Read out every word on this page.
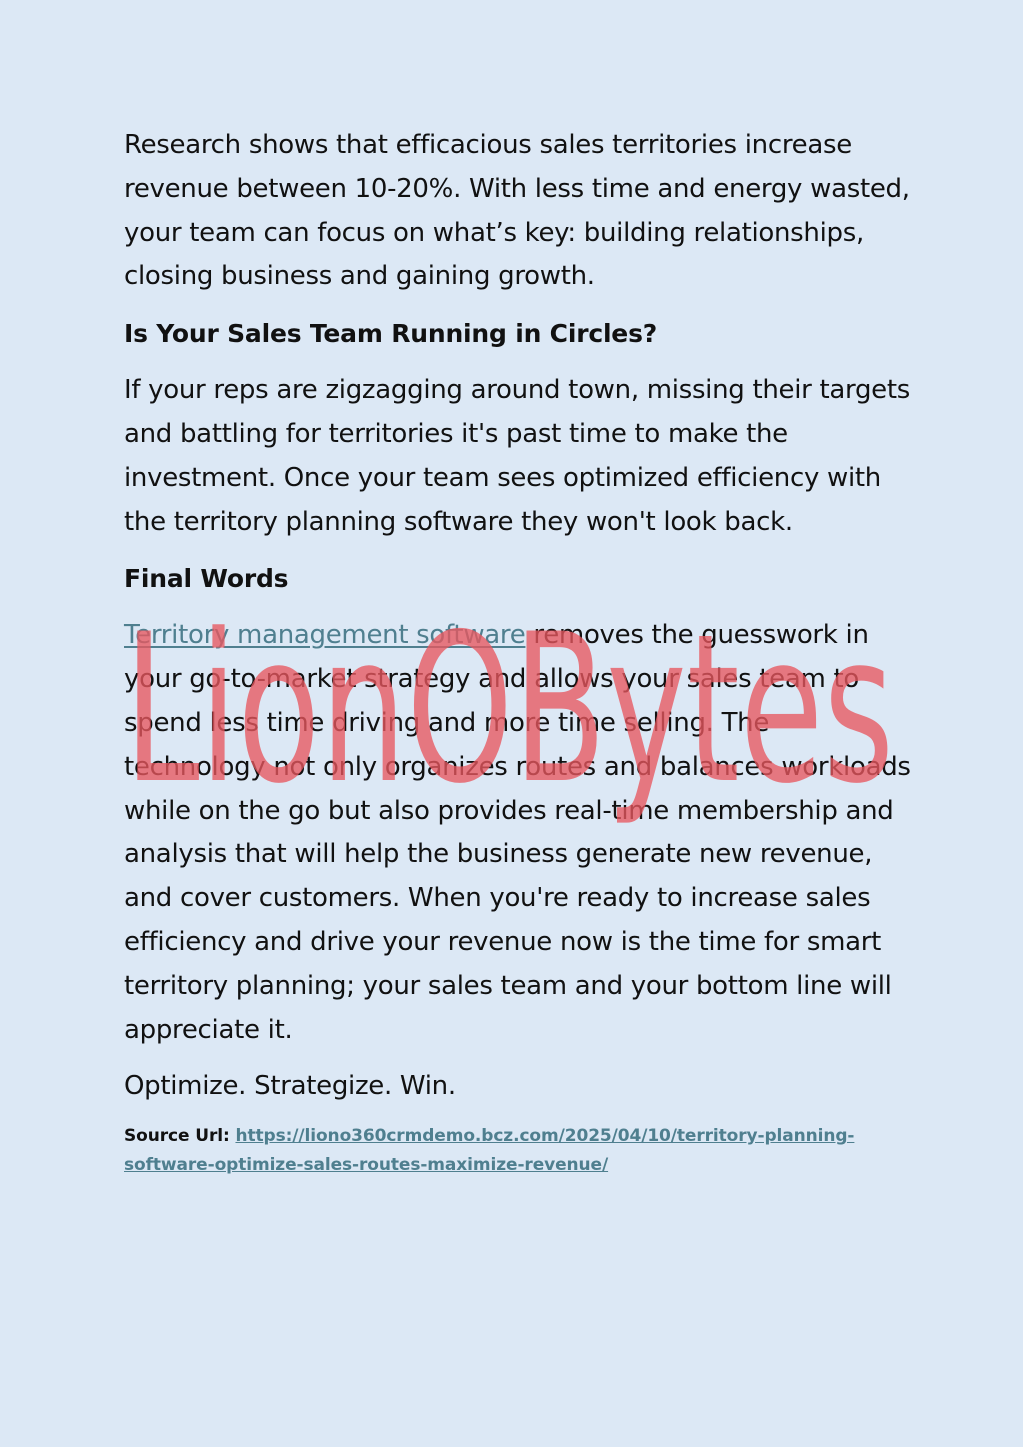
Research shows that efficacious sales territories increase revenue between 10-20%. With less time and energy wasted, your team can focus on what’s key: building relationships, closing business and gaining growth.

Is Your Sales Team Running in Circles?

If your reps are zigzagging around town, missing their targets and battling for territories it's past time to make the investment. Once your team sees optimized efficiency with the territory planning software they won't look back.

Final Words

Territory management software removes the guesswork in your go-to-market strategy and allows your sales team to spend less time driving and more time selling. The technology not only organizes routes and balances workloads while on the go but also provides real-time membership and analysis that will help the business generate new revenue, and cover customers. When you're ready to increase sales efficiency and drive your revenue now is the time for smart territory planning; your sales team and your bottom line will appreciate it.

Optimize. Strategize. Win.

Source Url: https://liono360crmdemo.bcz.com/2025/04/10/territory-planning-software-optimize-sales-routes-maximize-revenue/

LionOBytes
